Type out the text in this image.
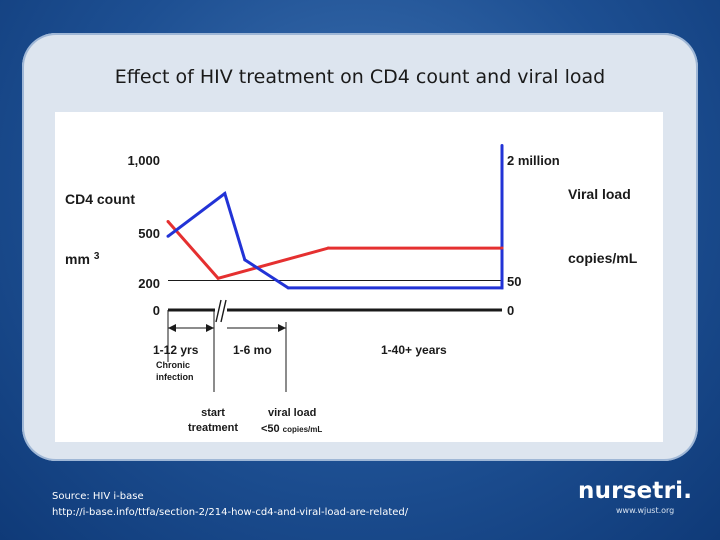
Effect of HIV treatment on CD4 count and viral load
CD4 count
mm $^3$
1,000
500
200
0
2 million
50
0
Viral load
copies/mL
1-12 yrs
Chronic
infection
1-6 mo	1-40+ years
start
treatment
viral load
<50 copies/mL
Source: HIV i-base
http://i-base.info/ttfa/section-2/214-how-cd4-and-viral-load-are-related/
nursetri.
www.wjust.org
